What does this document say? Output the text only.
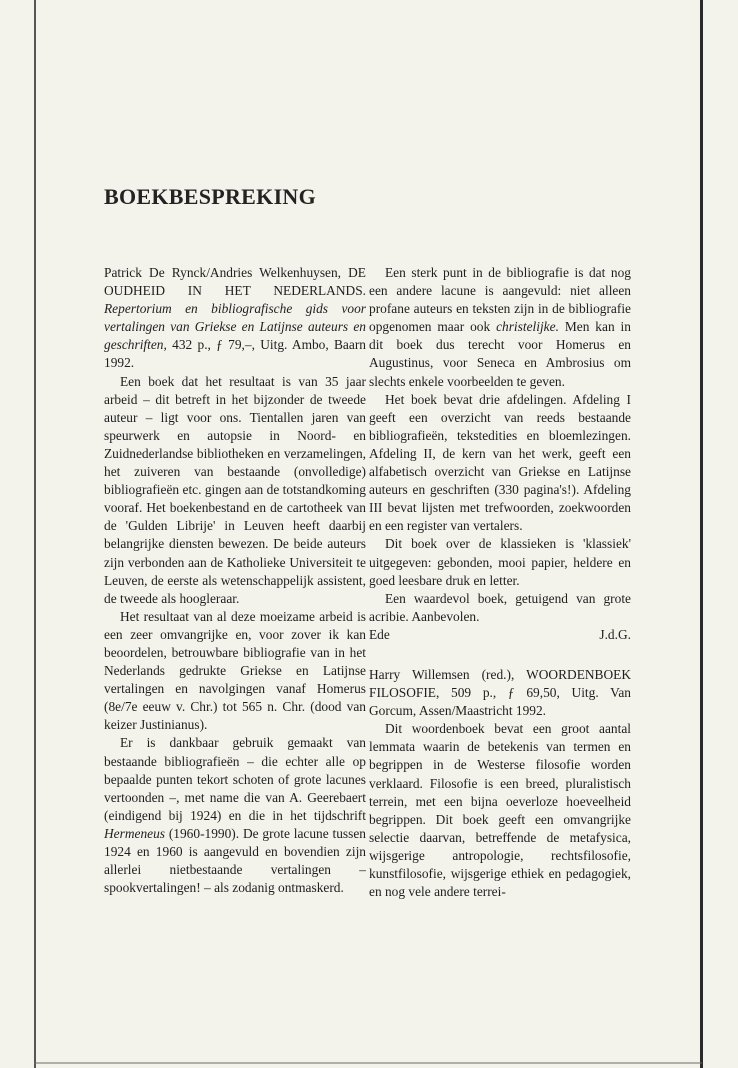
BOEKBESPREKING

Patrick De Rynck/Andries Welkenhuysen, DE OUDHEID IN HET NEDERLANDS. Repertorium en bibliografische gids voor vertalingen van Griekse en Latijnse auteurs en geschriften, 432 p., ƒ 79,–, Uitg. Ambo, Baarn 1992.

Een boek dat het resultaat is van 35 jaar arbeid – dit betreft in het bijzonder de tweede auteur – ligt voor ons. Tientallen jaren van speurwerk en autopsie in Noord- en Zuidnederlandse bibliotheken en verzamelingen, het zuiveren van bestaande (onvolledige) bibliografieën etc. gingen aan de totstandkoming vooraf. Het boekenbestand en de cartotheek van de 'Gulden Librije' in Leuven heeft daarbij belangrijke diensten bewezen. De beide auteurs zijn verbonden aan de Katholieke Universiteit te Leuven, de eerste als wetenschappelijk assistent, de tweede als hoogleraar.

Het resultaat van al deze moeizame arbeid is een zeer omvangrijke en, voor zover ik kan beoordelen, betrouwbare bibliografie van in het Nederlands gedrukte Griekse en Latijnse vertalingen en navolgingen vanaf Homerus (8e/7e eeuw v. Chr.) tot 565 n. Chr. (dood van keizer Justinianus).

Er is dankbaar gebruik gemaakt van bestaande bibliografieën – die echter alle op bepaalde punten tekort schoten of grote lacunes vertoonden –, met name die van A. Geerebaert (eindigend bij 1924) en die in het tijdschrift Hermeneus (1960-1990). De grote lacune tussen 1924 en 1960 is aangevuld en bovendien zijn allerlei nietbestaande vertalingen – spookvertalingen! – als zodanig ontmaskerd.

Een sterk punt in de bibliografie is dat nog een andere lacune is aangevuld: niet alleen profane auteurs en teksten zijn in de bibliografie opgenomen maar ook christelijke. Men kan in dit boek dus terecht voor Homerus en Augustinus, voor Seneca en Ambrosius om slechts enkele voorbeelden te geven.

Het boek bevat drie afdelingen. Afdeling I geeft een overzicht van reeds bestaande bibliografieën, tekstedities en bloemlezingen. Afdeling II, de kern van het werk, geeft een alfabetisch overzicht van Griekse en Latijnse auteurs en geschriften (330 pagina's!). Afdeling III bevat lijsten met trefwoorden, zoekwoorden en een register van vertalers.

Dit boek over de klassieken is 'klassiek' uitgegeven: gebonden, mooi papier, heldere en goed leesbare druk en letter.

Een waardevol boek, getuigend van grote acribie. Aanbevolen.

Ede	J.d.G.

Harry Willemsen (red.), WOORDENBOEK FILOSOFIE, 509 p., ƒ 69,50, Uitg. Van Gorcum, Assen/Maastricht 1992.

Dit woordenboek bevat een groot aantal lemmata waarin de betekenis van termen en begrippen in de Westerse filosofie worden verklaard. Filosofie is een breed, pluralistisch terrein, met een bijna oeverloze hoeveelheid begrippen. Dit boek geeft een omvangrijke selectie daarvan, betreffende de metafysica, wijsgerige antropologie, rechtsfilosofie, kunstfilosofie, wijsgerige ethiek en pedagogiek, en nog vele andere terrei-
